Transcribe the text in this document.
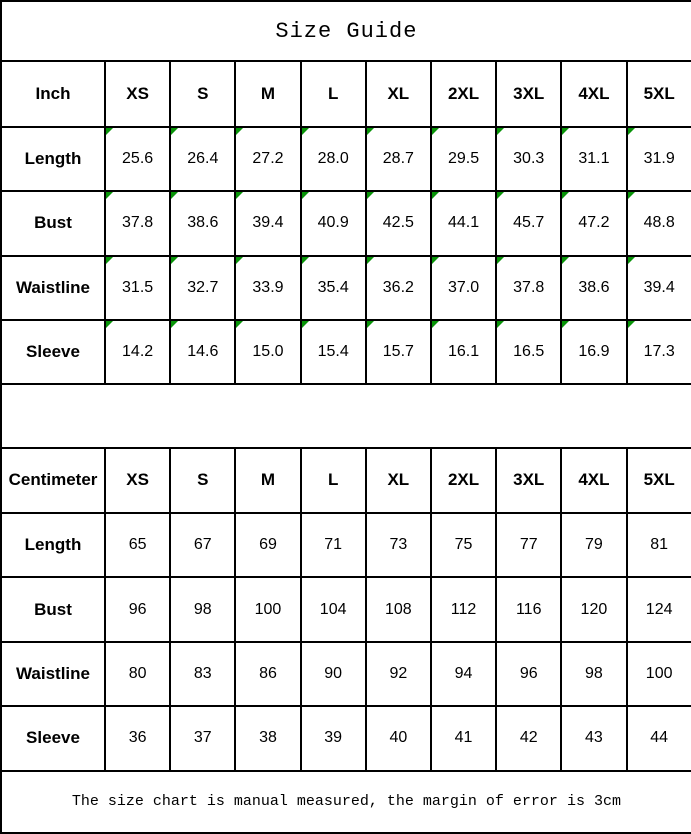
Size Guide									
Inch	XS	S	M	L	XL	2XL	3XL	4XL	5XL
Length	25.6	26.4	27.2	28.0	28.7	29.5	30.3	31.1	31.9
Bust	37.8	38.6	39.4	40.9	42.5	44.1	45.7	47.2	48.8
Waistline	31.5	32.7	33.9	35.4	36.2	37.0	37.8	38.6	39.4
Sleeve	14.2	14.6	15.0	15.4	15.7	16.1	16.5	16.9	17.3

Centimeter	XS	S	M	L	XL	2XL	3XL	4XL	5XL
Length	65	67	69	71	73	75	77	79	81
Bust	96	98	100	104	108	112	116	120	124
Waistline	80	83	86	90	92	94	96	98	100
Sleeve	36	37	38	39	40	41	42	43	44
The size chart is manual measured, the margin of error is 3cm									
